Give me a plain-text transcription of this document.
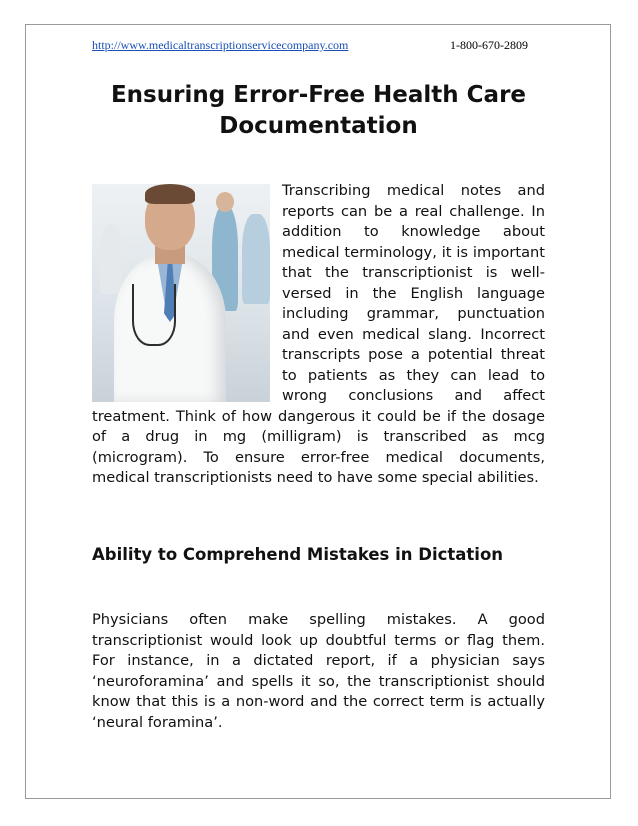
http://www.medicaltranscriptionservicecompany.com	1-800-670-2809
Ensuring Error-Free Health Care Documentation
Transcribing medical notes and reports can be a real challenge. In addition to knowledge about medical terminology, it is important that the transcriptionist is well-versed in the English language including grammar, punctuation and even medical slang. Incorrect transcripts pose a potential threat to patients as they can lead to wrong conclusions and affect treatment. Think of how dangerous it could be if the dosage of a drug in mg (milligram) is transcribed as mcg (microgram). To ensure error-free medical documents, medical transcriptionists need to have some special abilities.
Ability to Comprehend Mistakes in Dictation

Physicians often make spelling mistakes. A good transcriptionist would look up doubtful terms or flag them. For instance, in a dictated report, if a physician says ‘neuroforamina’ and spells it so, the transcriptionist should know that this is a non-word and the correct term is actually ‘neural foramina’.
